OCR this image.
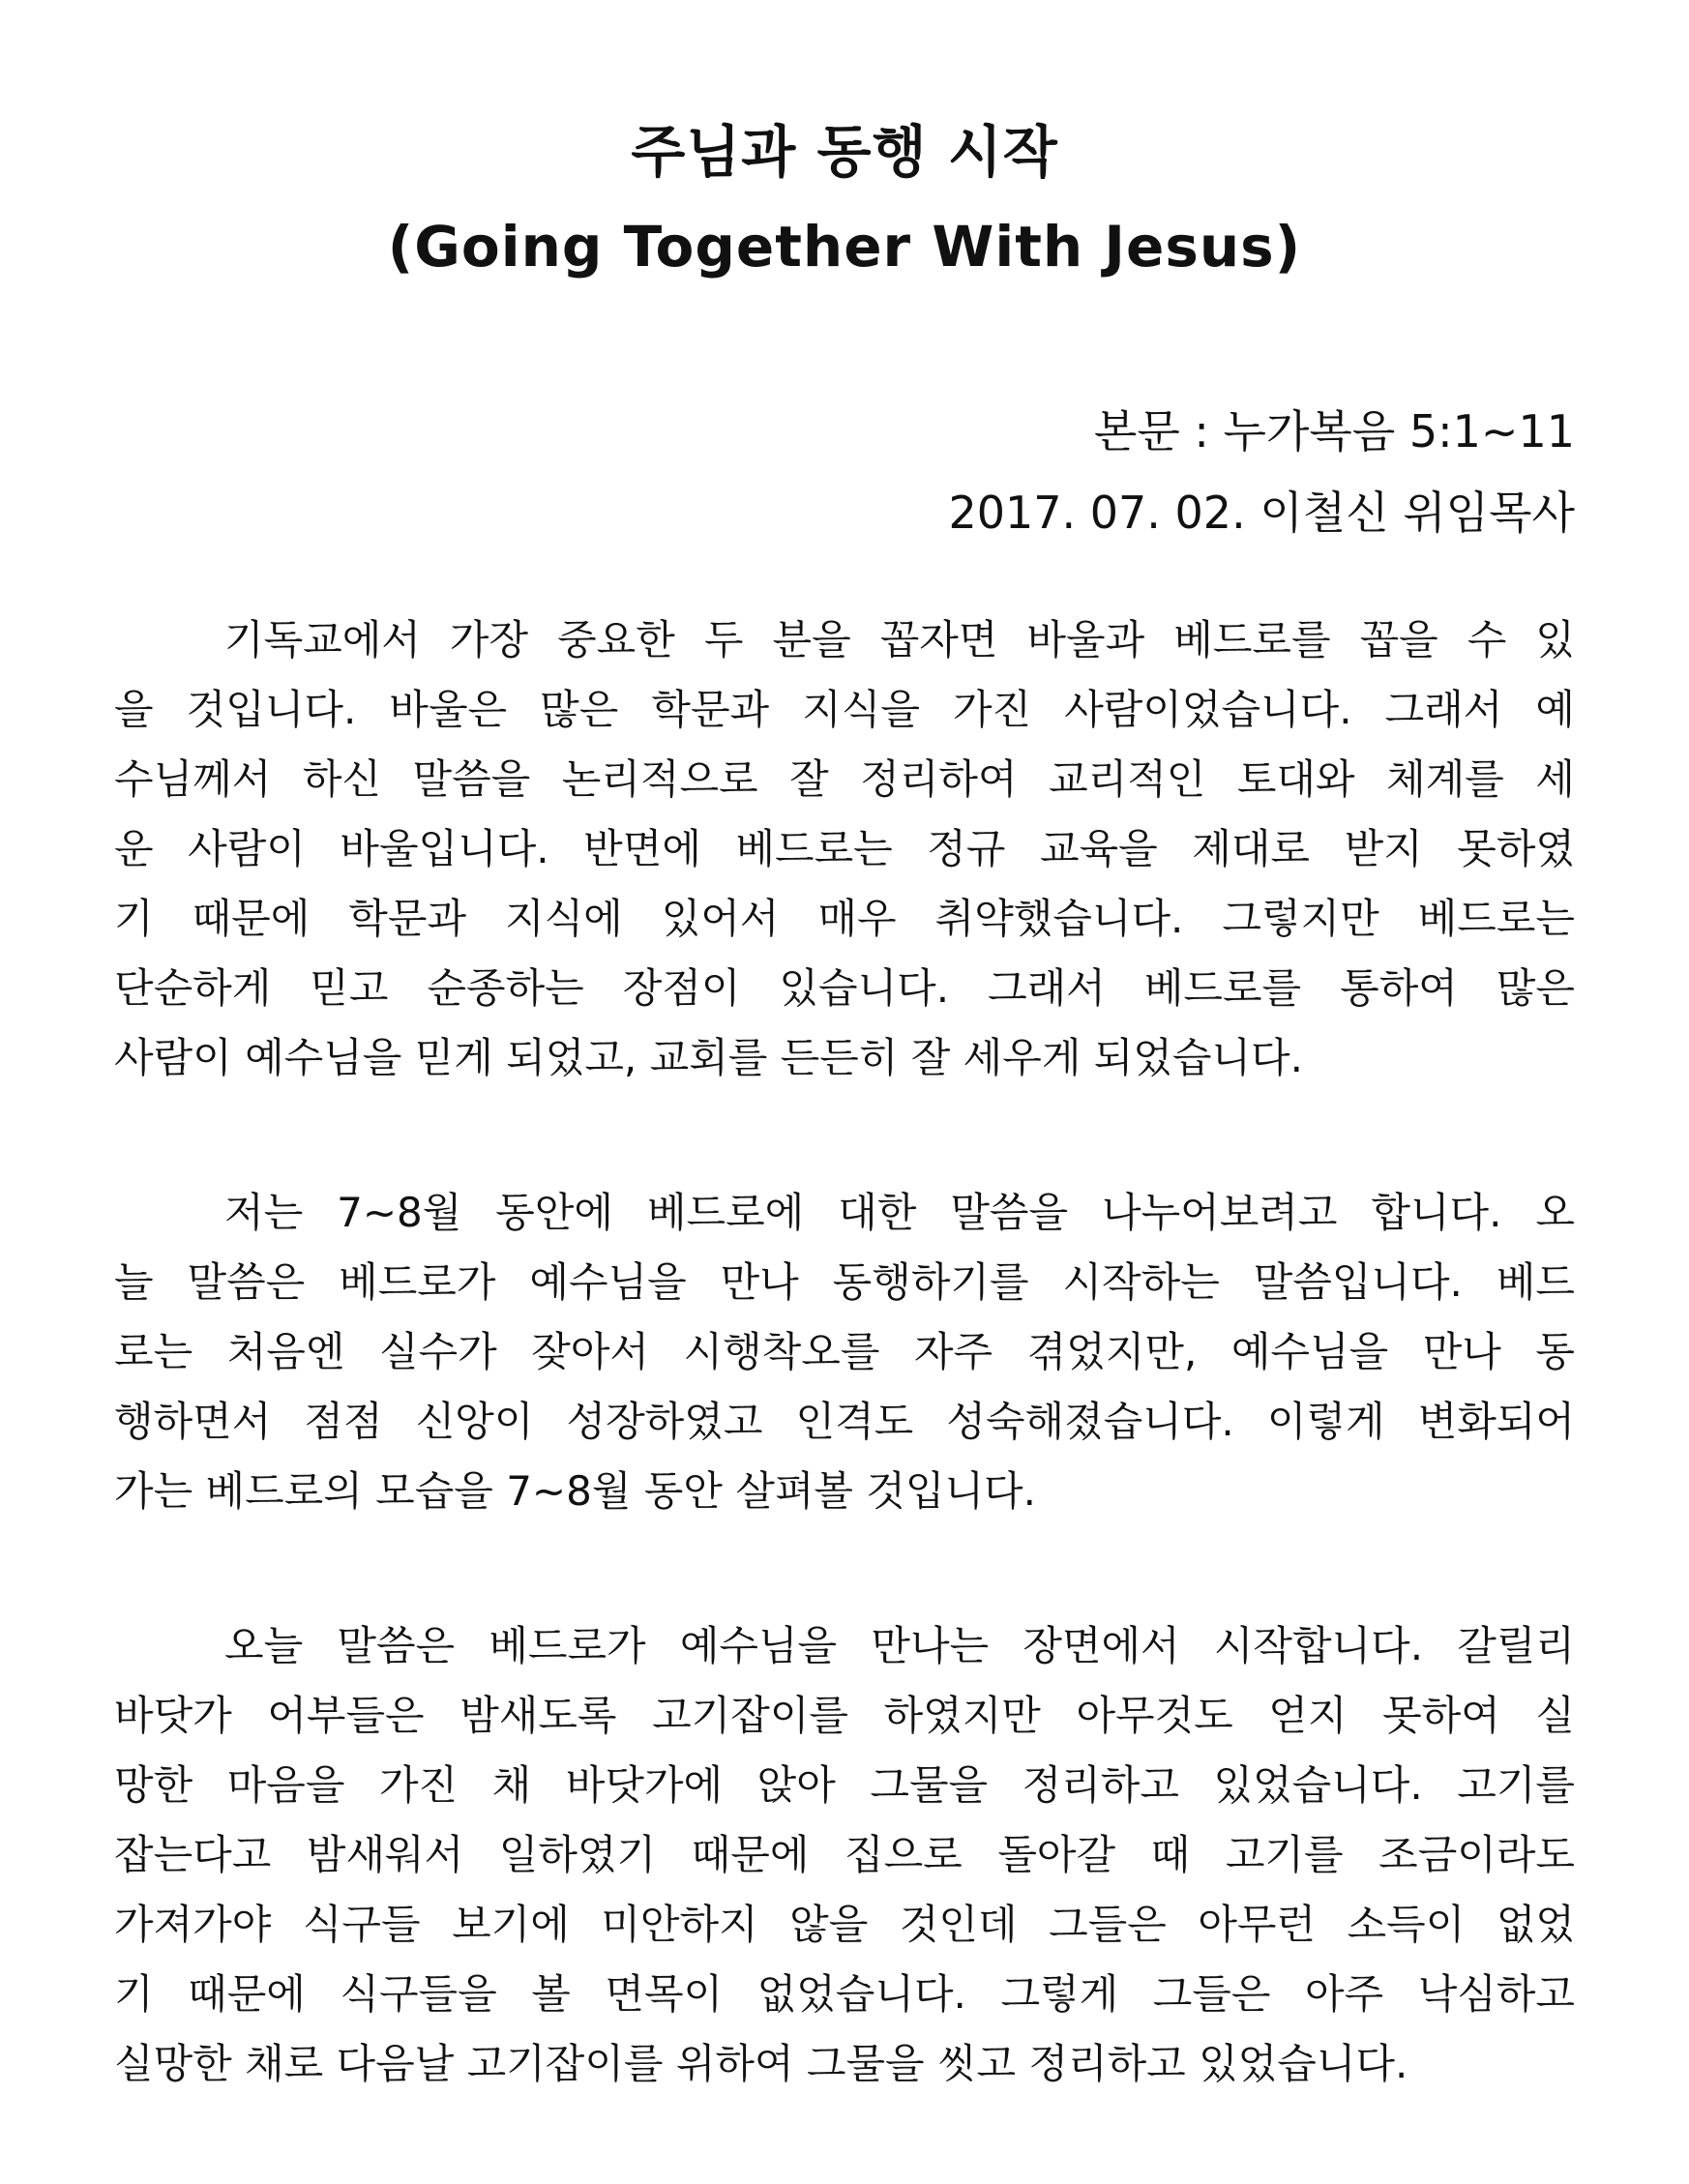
주님과 동행 시작
(Going Together With Jesus)
본문 : 누가복음 5:1~11
2017. 07. 02. 이철신 위임목사
기독교에서 가장 중요한 두 분을 꼽자면 바울과 베드로를 꼽을 수 있
을 것입니다. 바울은 많은 학문과 지식을 가진 사람이었습니다. 그래서 예
수님께서 하신 말씀을 논리적으로 잘 정리하여 교리적인 토대와 체계를 세
운 사람이 바울입니다. 반면에 베드로는 정규 교육을 제대로 받지 못하였
기 때문에 학문과 지식에 있어서 매우 취약했습니다. 그렇지만 베드로는
단순하게 믿고 순종하는 장점이 있습니다. 그래서 베드로를 통하여 많은
사람이 예수님을 믿게 되었고, 교회를 든든히 잘 세우게 되었습니다.
저는 7~8월 동안에 베드로에 대한 말씀을 나누어보려고 합니다. 오
늘 말씀은 베드로가 예수님을 만나 동행하기를 시작하는 말씀입니다. 베드
로는 처음엔 실수가 잦아서 시행착오를 자주 겪었지만, 예수님을 만나 동
행하면서 점점 신앙이 성장하였고 인격도 성숙해졌습니다. 이렇게 변화되어
가는 베드로의 모습을 7~8월 동안 살펴볼 것입니다.
오늘 말씀은 베드로가 예수님을 만나는 장면에서 시작합니다. 갈릴리
바닷가 어부들은 밤새도록 고기잡이를 하였지만 아무것도 얻지 못하여 실
망한 마음을 가진 채 바닷가에 앉아 그물을 정리하고 있었습니다. 고기를
잡는다고 밤새워서 일하였기 때문에 집으로 돌아갈 때 고기를 조금이라도
가져가야 식구들 보기에 미안하지 않을 것인데 그들은 아무런 소득이 없었
기 때문에 식구들을 볼 면목이 없었습니다. 그렇게 그들은 아주 낙심하고
실망한 채로 다음날 고기잡이를 위하여 그물을 씻고 정리하고 있었습니다.
